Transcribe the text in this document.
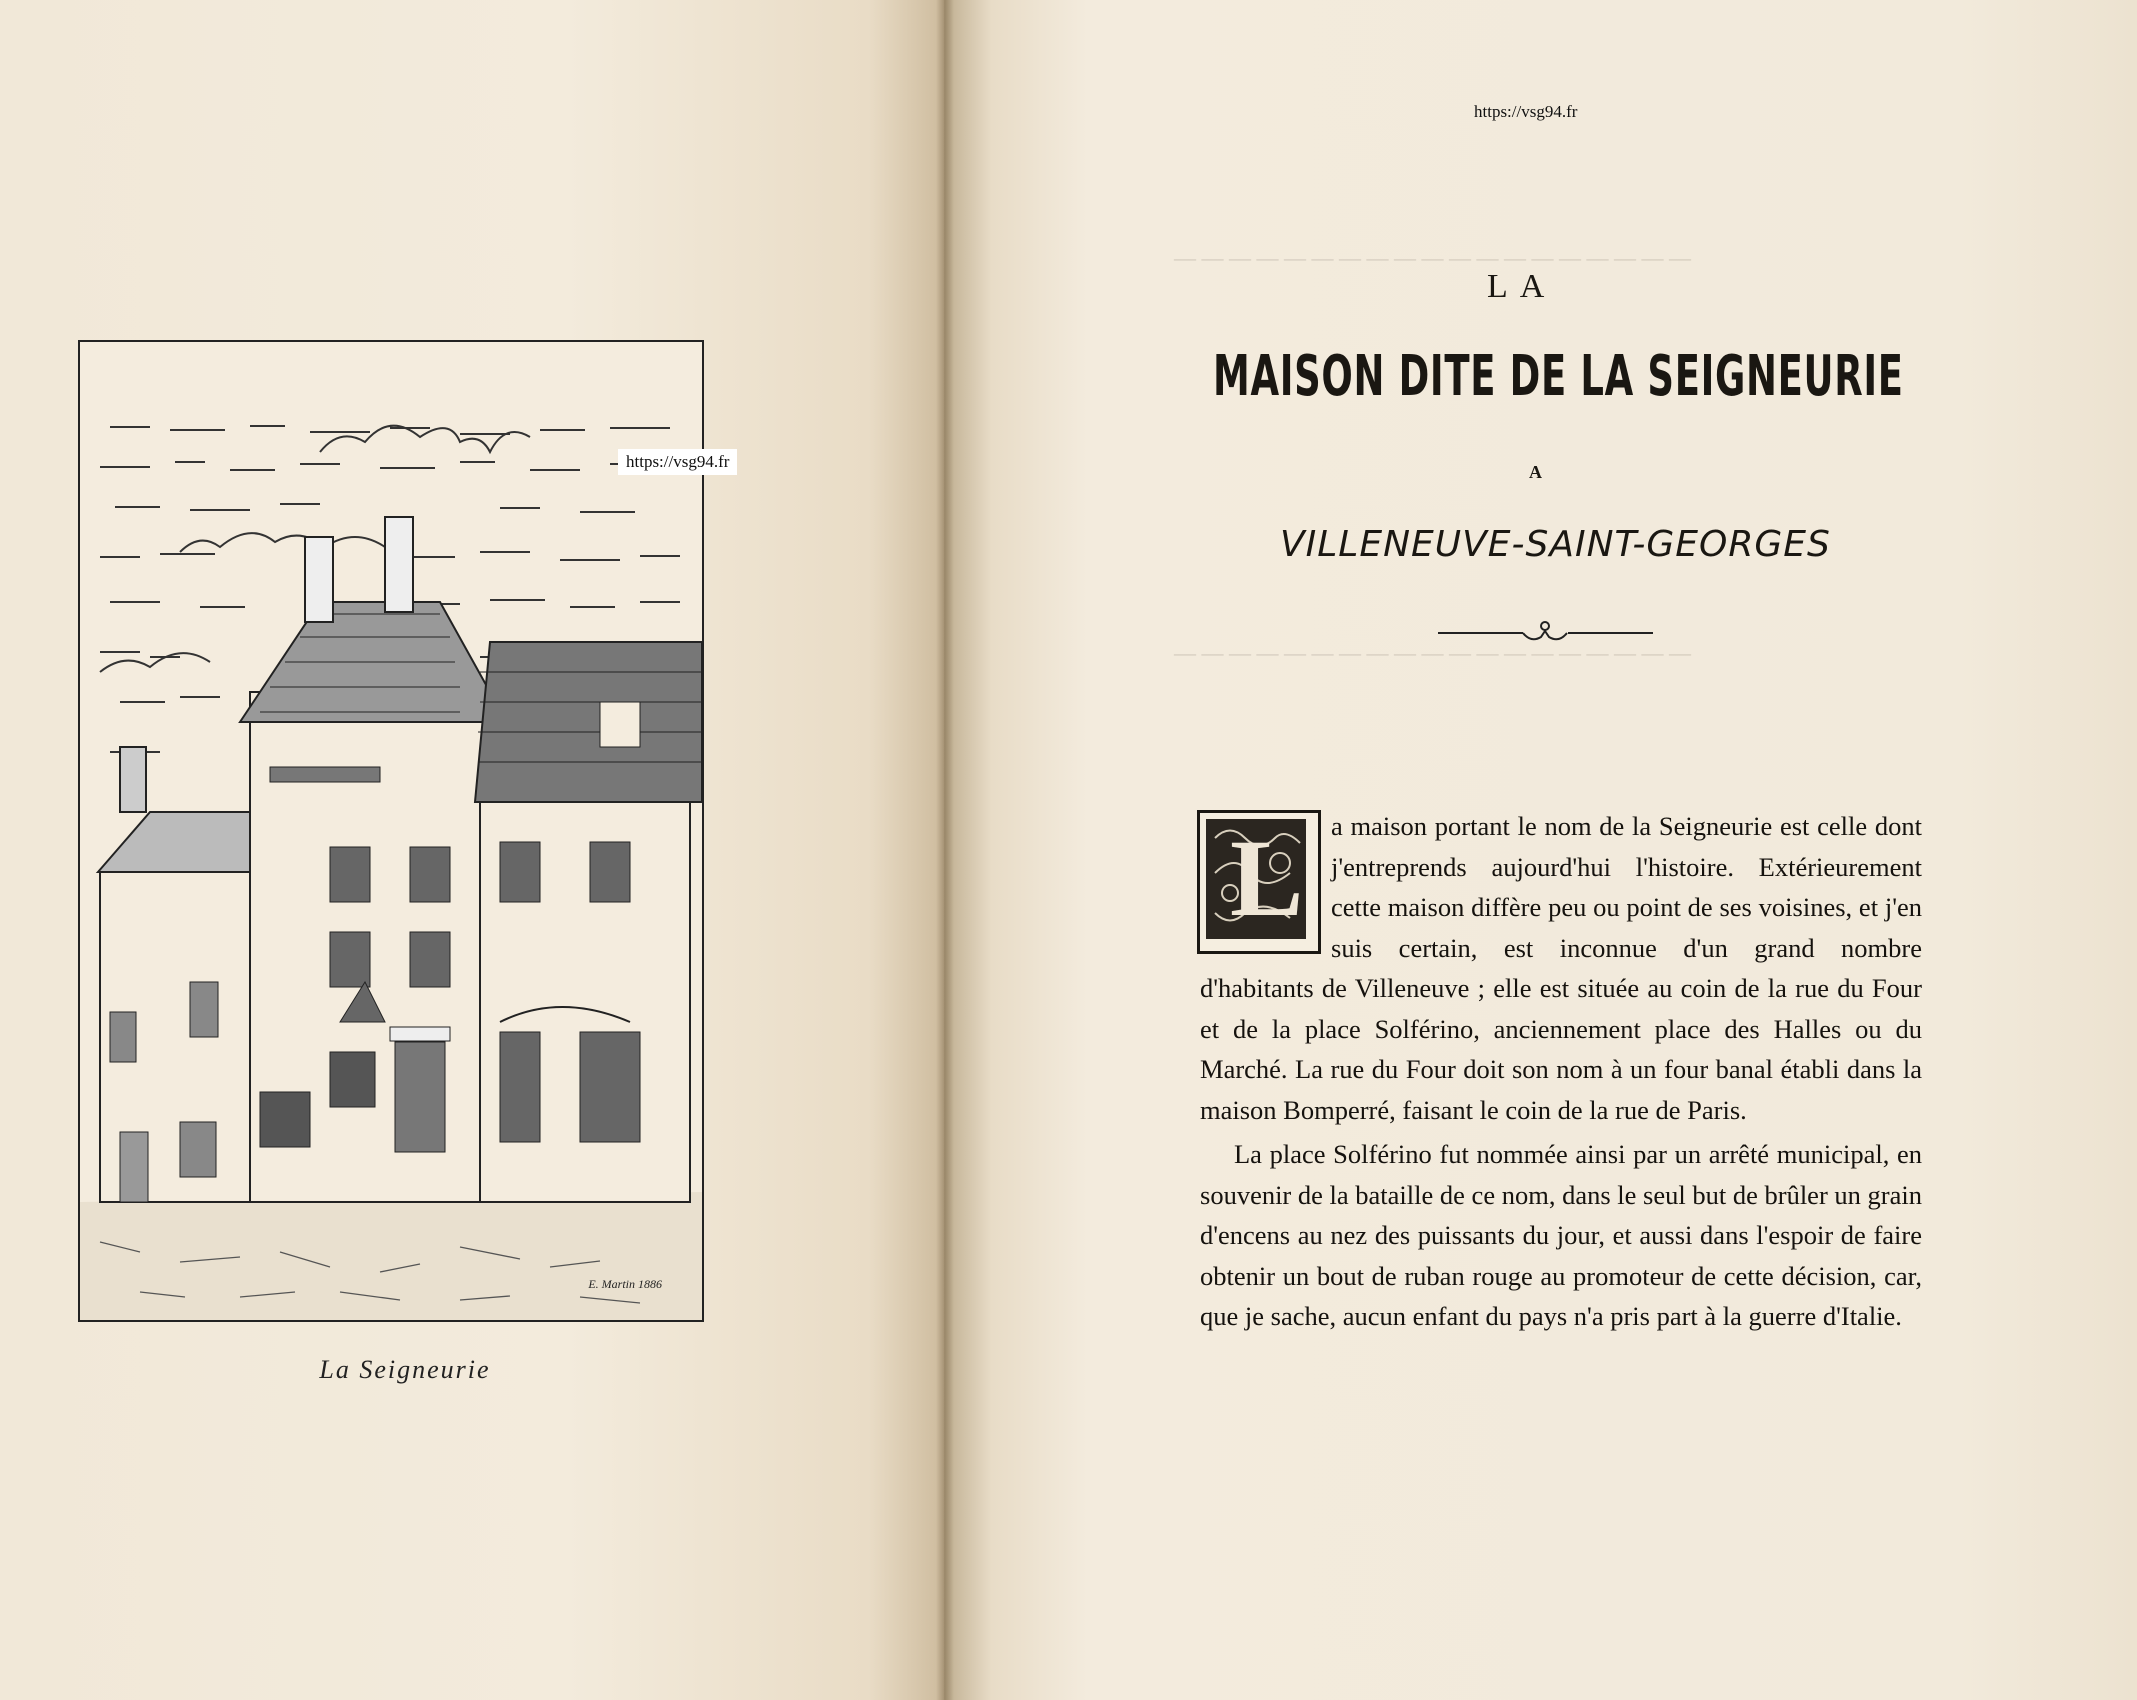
E. Martin 1886
La Seigneurie
https://vsg94.fr
— — — — — — — — — — — — — — — — — — —
— — — — — — — — — — — — — — — — — — —
https://vsg94.fr
LA
MAISON DITE DE LA SEIGNEURIE
A
VILLENEUVE-SAINT-GEORGES
L	a maison portant le nom de la Seigneurie est celle dont j'entreprends aujourd'hui l'histoire. Extérieurement cette maison diffère peu ou point de ses voisines, et j'en suis certain, est inconnue d'un grand nombre d'habitants de Villeneuve ; elle est située au coin de la rue du Four et de la place Solférino, anciennement place des Halles ou du Marché. La rue du Four doit son nom à un four banal établi dans la maison Bomperré, faisant le coin de la rue de Paris.

La place Solférino fut nommée ainsi par un arrêté municipal, en souvenir de la bataille de ce nom, dans le seul but de brûler un grain d'encens au nez des puissants du jour, et aussi dans l'espoir de faire obtenir un bout de ruban rouge au promoteur de cette décision, car, que je sache, aucun enfant du pays n'a pris part à la guerre d'Italie.
